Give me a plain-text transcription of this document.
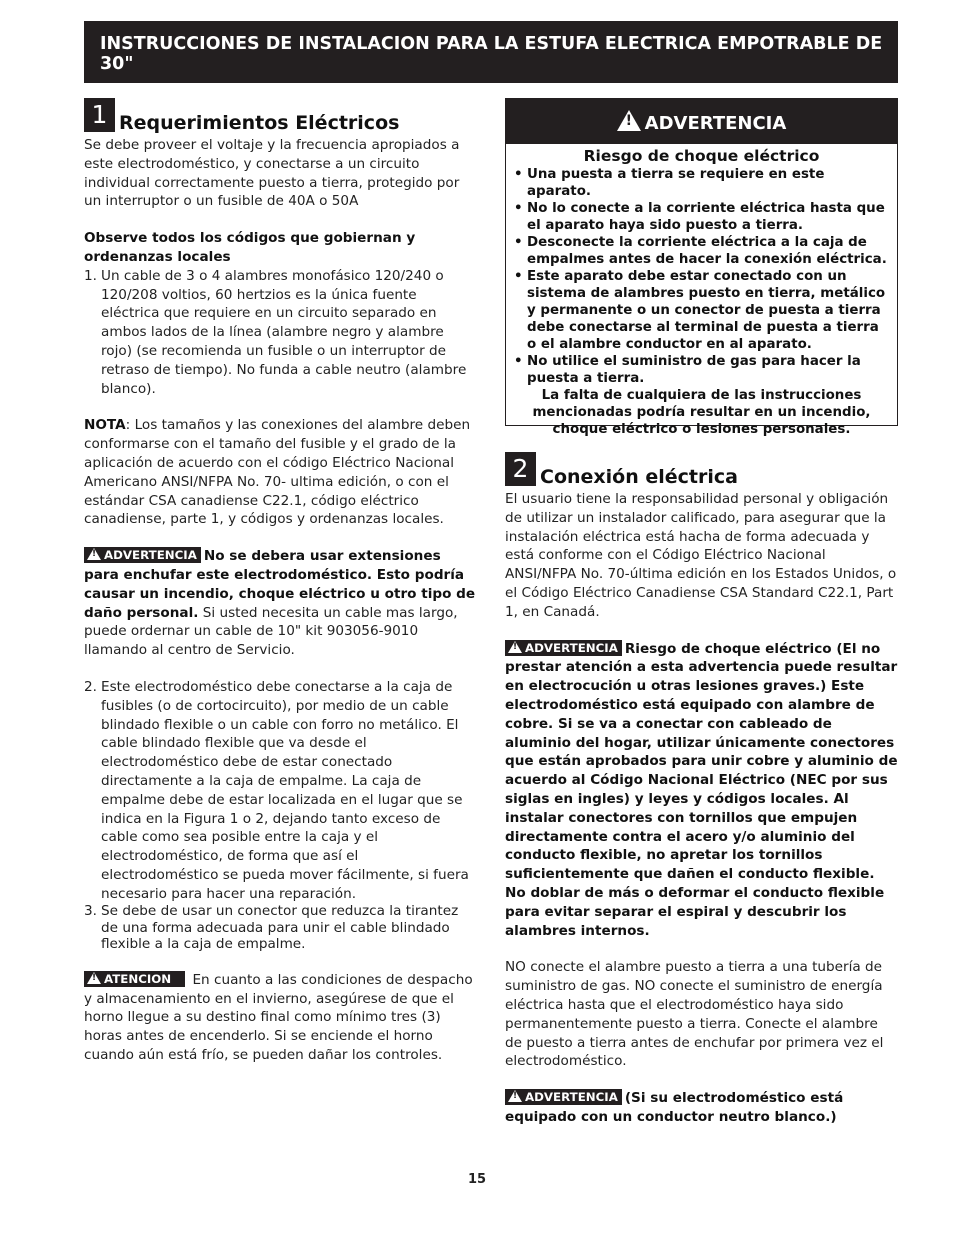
INSTRUCCIONES DE INSTALACION PARA LA ESTUFA ELECTRICA EMPOTRABLE DE 30"
1 Requerimientos Eléctricos

Se debe proveer el voltaje y la frecuencia apropiados a este electrodoméstico, y conectarse a un circuito individual correctamente puesto a tierra, protegido por un interruptor o un fusible de 40A o 50A

Observe todos los códigos que gobiernan y ordenanzas locales

1. Un cable de 3 o 4 alambres monofásico 120/240 o 120/208 voltios, 60 hertzios es la única fuente eléctrica que requiere en un circuito separado en ambos lados de la línea (alambre negro y alambre rojo) (se recomienda un fusible o un interruptor de retraso de tiempo). No funda a cable neutro (alambre blanco).

NOTA: Los tamaños y las conexiones del alambre deben conformarse con el tamaño del fusible y el grado de la aplicación de acuerdo con el código Eléctrico Nacional Americano ANSI/NFPA No. 70- ultima edición, o con el estándar CSA canadiense C22.1, código eléctrico canadiense, parte 1, y códigos y ordenanzas locales.

!ADVERTENCIA No se debera usar extensiones para enchufar este electrodoméstico. Esto podría causar un incendio, choque eléctrico u otro tipo de daño personal. Si usted necesita un cable mas largo, puede ordernar un cable de 10" kit 903056-9010 llamando al centro de Servicio.

2. Este electrodoméstico debe conectarse a la caja de fusibles (o de cortocircuito), por medio de un cable blindado flexible o un cable con forro no metálico. El cable blindado flexible que va desde el electrodoméstico debe de estar conectado directamente a la caja de empalme. La caja de empalme debe de estar localizada en el lugar que se indica en la Figura 1 o 2, dejando tanto exceso de cable como sea posible entre la caja y el electrodoméstico, de forma que así el electrodoméstico se pueda mover fácilmente, si fuera necesario para hacer una reparación.
3. Se debe de usar un conector que reduzca la tirantez de una forma adecuada para unir el cable blindado flexible a la caja de empalme.

!ATENCION En cuanto a las condiciones de despacho y almacenamiento en el invierno, asegúrese de que el horno llegue a su destino final como mínimo tres (3) horas antes de encenderlo. Si se enciende el horno cuando aún está frío, se pueden dañar los controles.

!ADVERTENCIA
Riesgo de choque eléctrico
• Una puesta a tierra se requiere en este aparato.
• No lo conecte a la corriente eléctrica hasta que el aparato haya sido puesto a tierra.
• Desconecte la corriente eléctrica a la caja de empalmes antes de hacer la conexión eléctrica.
• Este aparato debe estar conectado con un sistema de alambres puesto en tierra, metálico y permanente o un conector de puesta a tierra debe conectarse al terminal de puesta a tierra o el alambre conductor en al aparato.
• No utilice el suministro de gas para hacer la puesta a tierra.
La falta de cualquiera de las instrucciones mencionadas podría resultar en un incendio, choque eléctrico o lesiones personales.
2 Conexión eléctrica

El usuario tiene la responsabilidad personal y obligación de utilizar un instalador calificado, para asegurar que la instalación eléctrica está hacha de forma adecuada y está conforme con el Código Eléctrico Nacional ANSI/NFPA No. 70-última edición en los Estados Unidos, o el Código Eléctrico Canadiense CSA Standard C22.1, Part 1, en Canadá.

!ADVERTENCIA Riesgo de choque eléctrico (El no prestar atención a esta advertencia puede resultar en electrocución u otras lesiones graves.) Este electrodoméstico está equipado con alambre de cobre. Si se va a conectar con cableado de aluminio del hogar, utilizar únicamente conectores que están aprobados para unir cobre y aluminio de acuerdo al Código Nacional Eléctrico (NEC por sus siglas en ingles) y leyes y códigos locales. Al instalar conectores con tornillos que empujen directamente contra el acero y/o aluminio del conducto flexible, no apretar los tornillos suficientemente que dañen el conducto flexible. No doblar de más o deformar el conducto flexible para evitar separar el espiral y descubrir los alambres internos.

NO conecte el alambre puesto a tierra a una tubería de suministro de gas. NO conecte el suministro de energía eléctrica hasta que el electrodoméstico haya sido permanentemente puesto a tierra. Conecte el alambre de puesto a tierra antes de enchufar por primera vez el electrodoméstico.

!ADVERTENCIA (Si su electrodoméstico está equipado con un conductor neutro blanco.)

15
